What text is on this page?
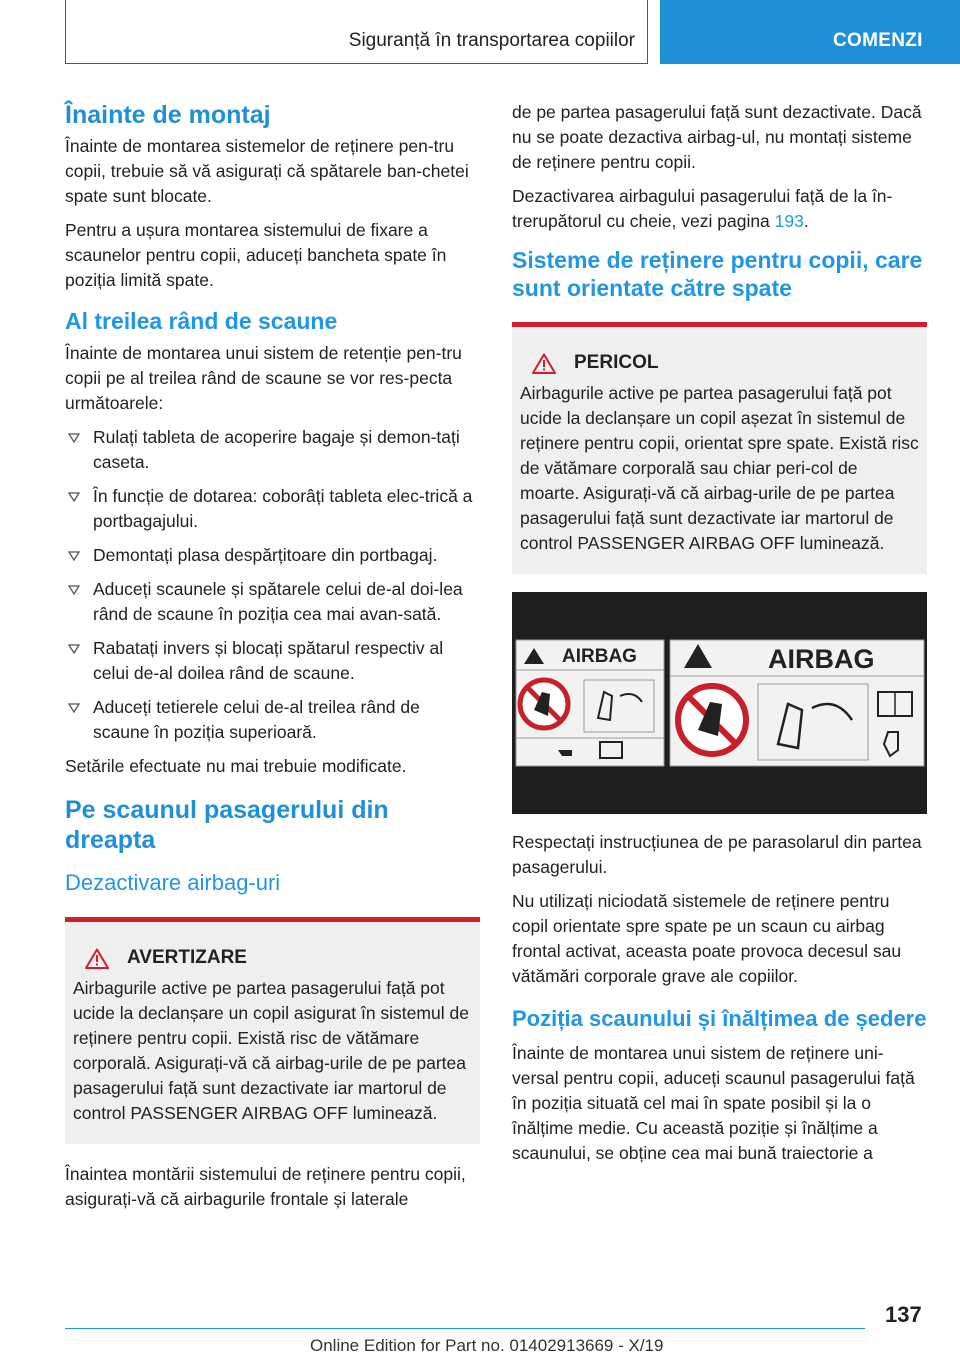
Siguranță în transportarea copiilor	COMENZI
Înainte de montaj

Înainte de montarea sistemelor de reținere pen-tru copii, trebuie să vă asigurați că spătarele ban-chetei spate sunt blocate.

Pentru a ușura montarea sistemului de fixare a scaunelor pentru copii, aduceți bancheta spate în poziția limită spate.

Al treilea rând de scaune

Înainte de montarea unui sistem de retenție pen-tru copii pe al treilea rând de scaune se vor res-pecta următoarele:

Rulați tableta de acoperire bagaje și demon-tați caseta.
În funcție de dotarea: coborâți tableta elec-trică a portbagajului.
Demontați plasa despărțitoare din portbagaj.
Aduceți scaunele și spătarele celui de-al doi-lea rând de scaune în poziția cea mai avan-sată.
Rabatați invers și blocați spătarul respectiv al celui de-al doilea rând de scaune.
Aduceți tetierele celui de-al treilea rând de scaune în poziția superioară.

Setările efectuate nu mai trebuie modificate.

Pe scaunul pasagerului din dreapta
Dezactivare airbag-uri
AVERTIZARE

Airbagurile active pe partea pasagerului față pot ucide la declanșare un copil asigurat în sistemul de reținere pentru copii. Există risc de vătămare corporală. Asigurați-vă că airbag-urile de pe partea pasagerului față sunt dezactivate iar martorul de control PASSENGER AIRBAG OFF luminează.

Înaintea montării sistemului de reținere pentru copii, asigurați-vă că airbagurile frontale și laterale

de pe partea pasagerului față sunt dezactivate. Dacă nu se poate dezactiva airbag-ul, nu montați sisteme de reținere pentru copii.

Dezactivarea airbagului pasagerului față de la în-trerupătorul cu cheie, vezi pagina 193.

Sisteme de reținere pentru copii, care sunt orientate către spate
PERICOL

Airbagurile active pe partea pasagerului față pot ucide la declanșare un copil așezat în sistemul de reținere pentru copii, orientat spre spate. Există risc de vătămare corporală sau chiar peri-col de moarte. Asigurați-vă că airbag-urile de pe partea pasagerului față sunt dezactivate iar martorul de control PASSENGER AIRBAG OFF luminează.

AIRBAG	AIRBAG

Respectați instrucțiunea de pe parasolarul din partea pasagerului.

Nu utilizați niciodată sistemele de reținere pentru copil orientate spre spate pe un scaun cu airbag frontal activat, aceasta poate provoca decesul sau vătămări corporale grave ale copiilor.

Poziția scaunului și înălțimea de ședere

Înainte de montarea unui sistem de reținere uni-versal pentru copii, aduceți scaunul pasagerului față în poziția situată cel mai în spate posibil și la o înălțime medie. Cu această poziție și înălțime a scaunului, se obține cea mai bună traiectorie a

137
Online Edition for Part no. 01402913669 - X/19
